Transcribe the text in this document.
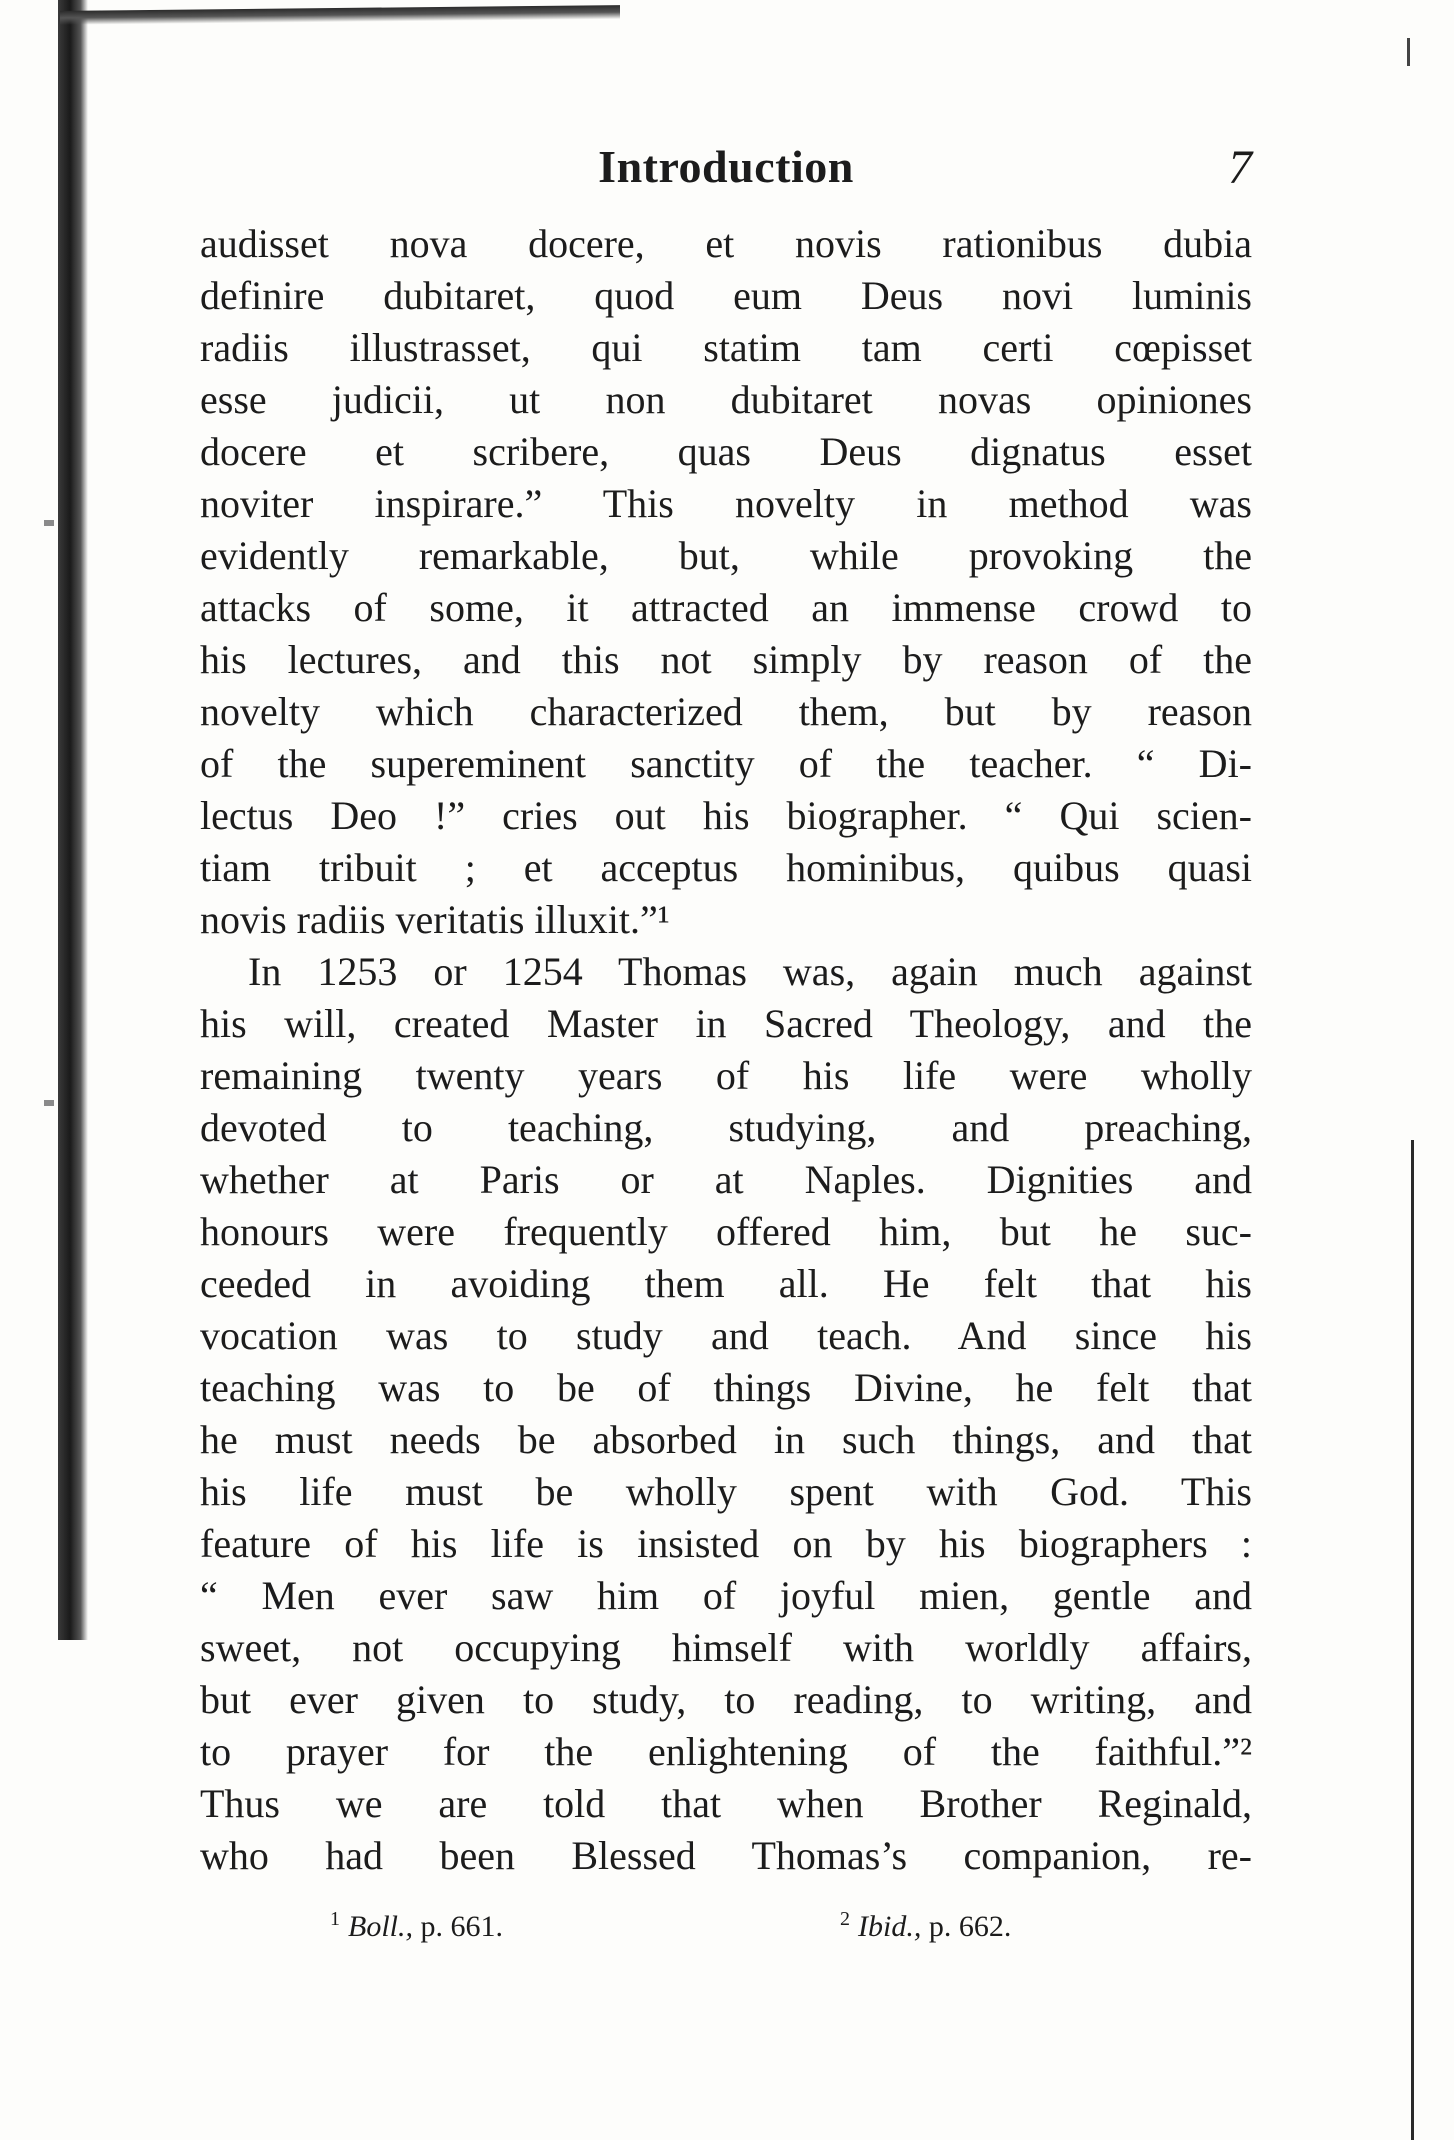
Introduction	7
audisset nova docere, et novis rationibus dubia
definire dubitaret, quod eum Deus novi luminis
radiis illustrasset, qui statim tam certi cœpisset
esse judicii, ut non dubitaret novas opiniones
docere et scribere, quas Deus dignatus esset
noviter inspirare.” This novelty in method was
evidently remarkable, but, while provoking the
attacks of some, it attracted an immense crowd to
his lectures, and this not simply by reason of the
novelty which characterized them, but by reason
of the supereminent sanctity of the teacher. “ Di-
lectus Deo !” cries out his biographer. “ Qui scien-
tiam tribuit ; et acceptus hominibus, quibus quasi
novis radiis veritatis illuxit.”¹
In 1253 or 1254 Thomas was, again much against
his will, created Master in Sacred Theology, and the
remaining twenty years of his life were wholly
devoted to teaching, studying, and preaching,
whether at Paris or at Naples. Dignities and
honours were frequently offered him, but he suc-
ceeded in avoiding them all. He felt that his
vocation was to study and teach. And since his
teaching was to be of things Divine, he felt that
he must needs be absorbed in such things, and that
his life must be wholly spent with God. This
feature of his life is insisted on by his biographers :
“ Men ever saw him of joyful mien, gentle and
sweet, not occupying himself with worldly affairs,
but ever given to study, to reading, to writing, and
to prayer for the enlightening of the faithful.”²
Thus we are told that when Brother Reginald,
who had been Blessed Thomas’s companion, re-
$^1$ Boll., p. 661.	$^2$ Ibid., p. 662.
